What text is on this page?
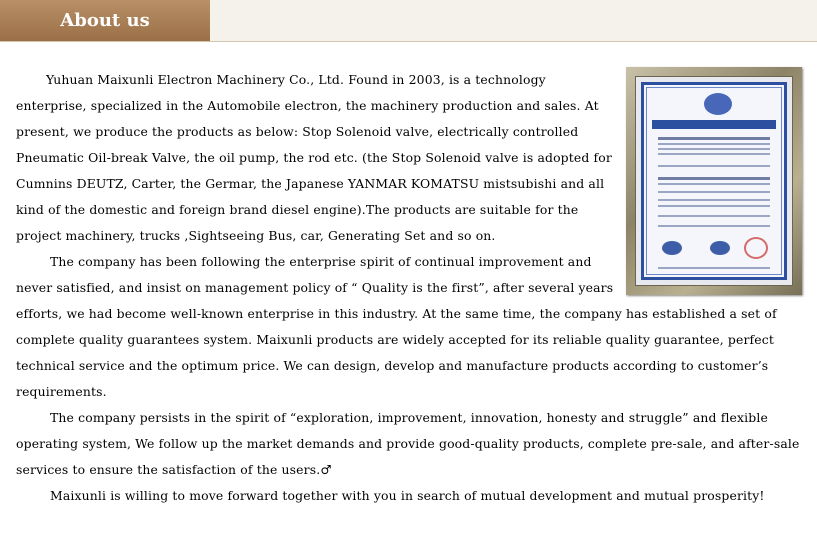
About us

Yuhuan Maixunli Electron Machinery Co., Ltd. Found in 2003, is a technology enterprise, specialized in the Automobile electron, the machinery production and sales. At present, we produce the products as below: Stop Solenoid valve, electrically controlled Pneumatic Oil-break Valve, the oil pump, the rod etc. (the Stop Solenoid valve is adopted for Cumnins DEUTZ, Carter, the Germar, the Japanese YANMAR KOMATSU mistsubishi and all kind of the domestic and foreign brand diesel engine).The products are suitable for the project machinery, trucks ,Sightseeing Bus, car, Generating Set and so on.

The company has been following the enterprise spirit of continual improvement and never satisfied, and insist on management policy of “ Quality is the first”, after several years efforts, we had become well-known enterprise in this industry. At the same time, the company has established a set of complete quality guarantees system. Maixunli products are widely accepted for its reliable quality guarantee, perfect technical service and the optimum price. We can design, develop and manufacture products according to customer’s requirements.

The company persists in the spirit of “exploration, improvement, innovation, honesty and struggle” and flexible operating system, We follow up the market demands and provide good-quality products, complete pre-sale, and after-sale services to ensure the satisfaction of the users.♂

Maixunli is willing to move forward together with you in search of mutual development and mutual prosperity!
